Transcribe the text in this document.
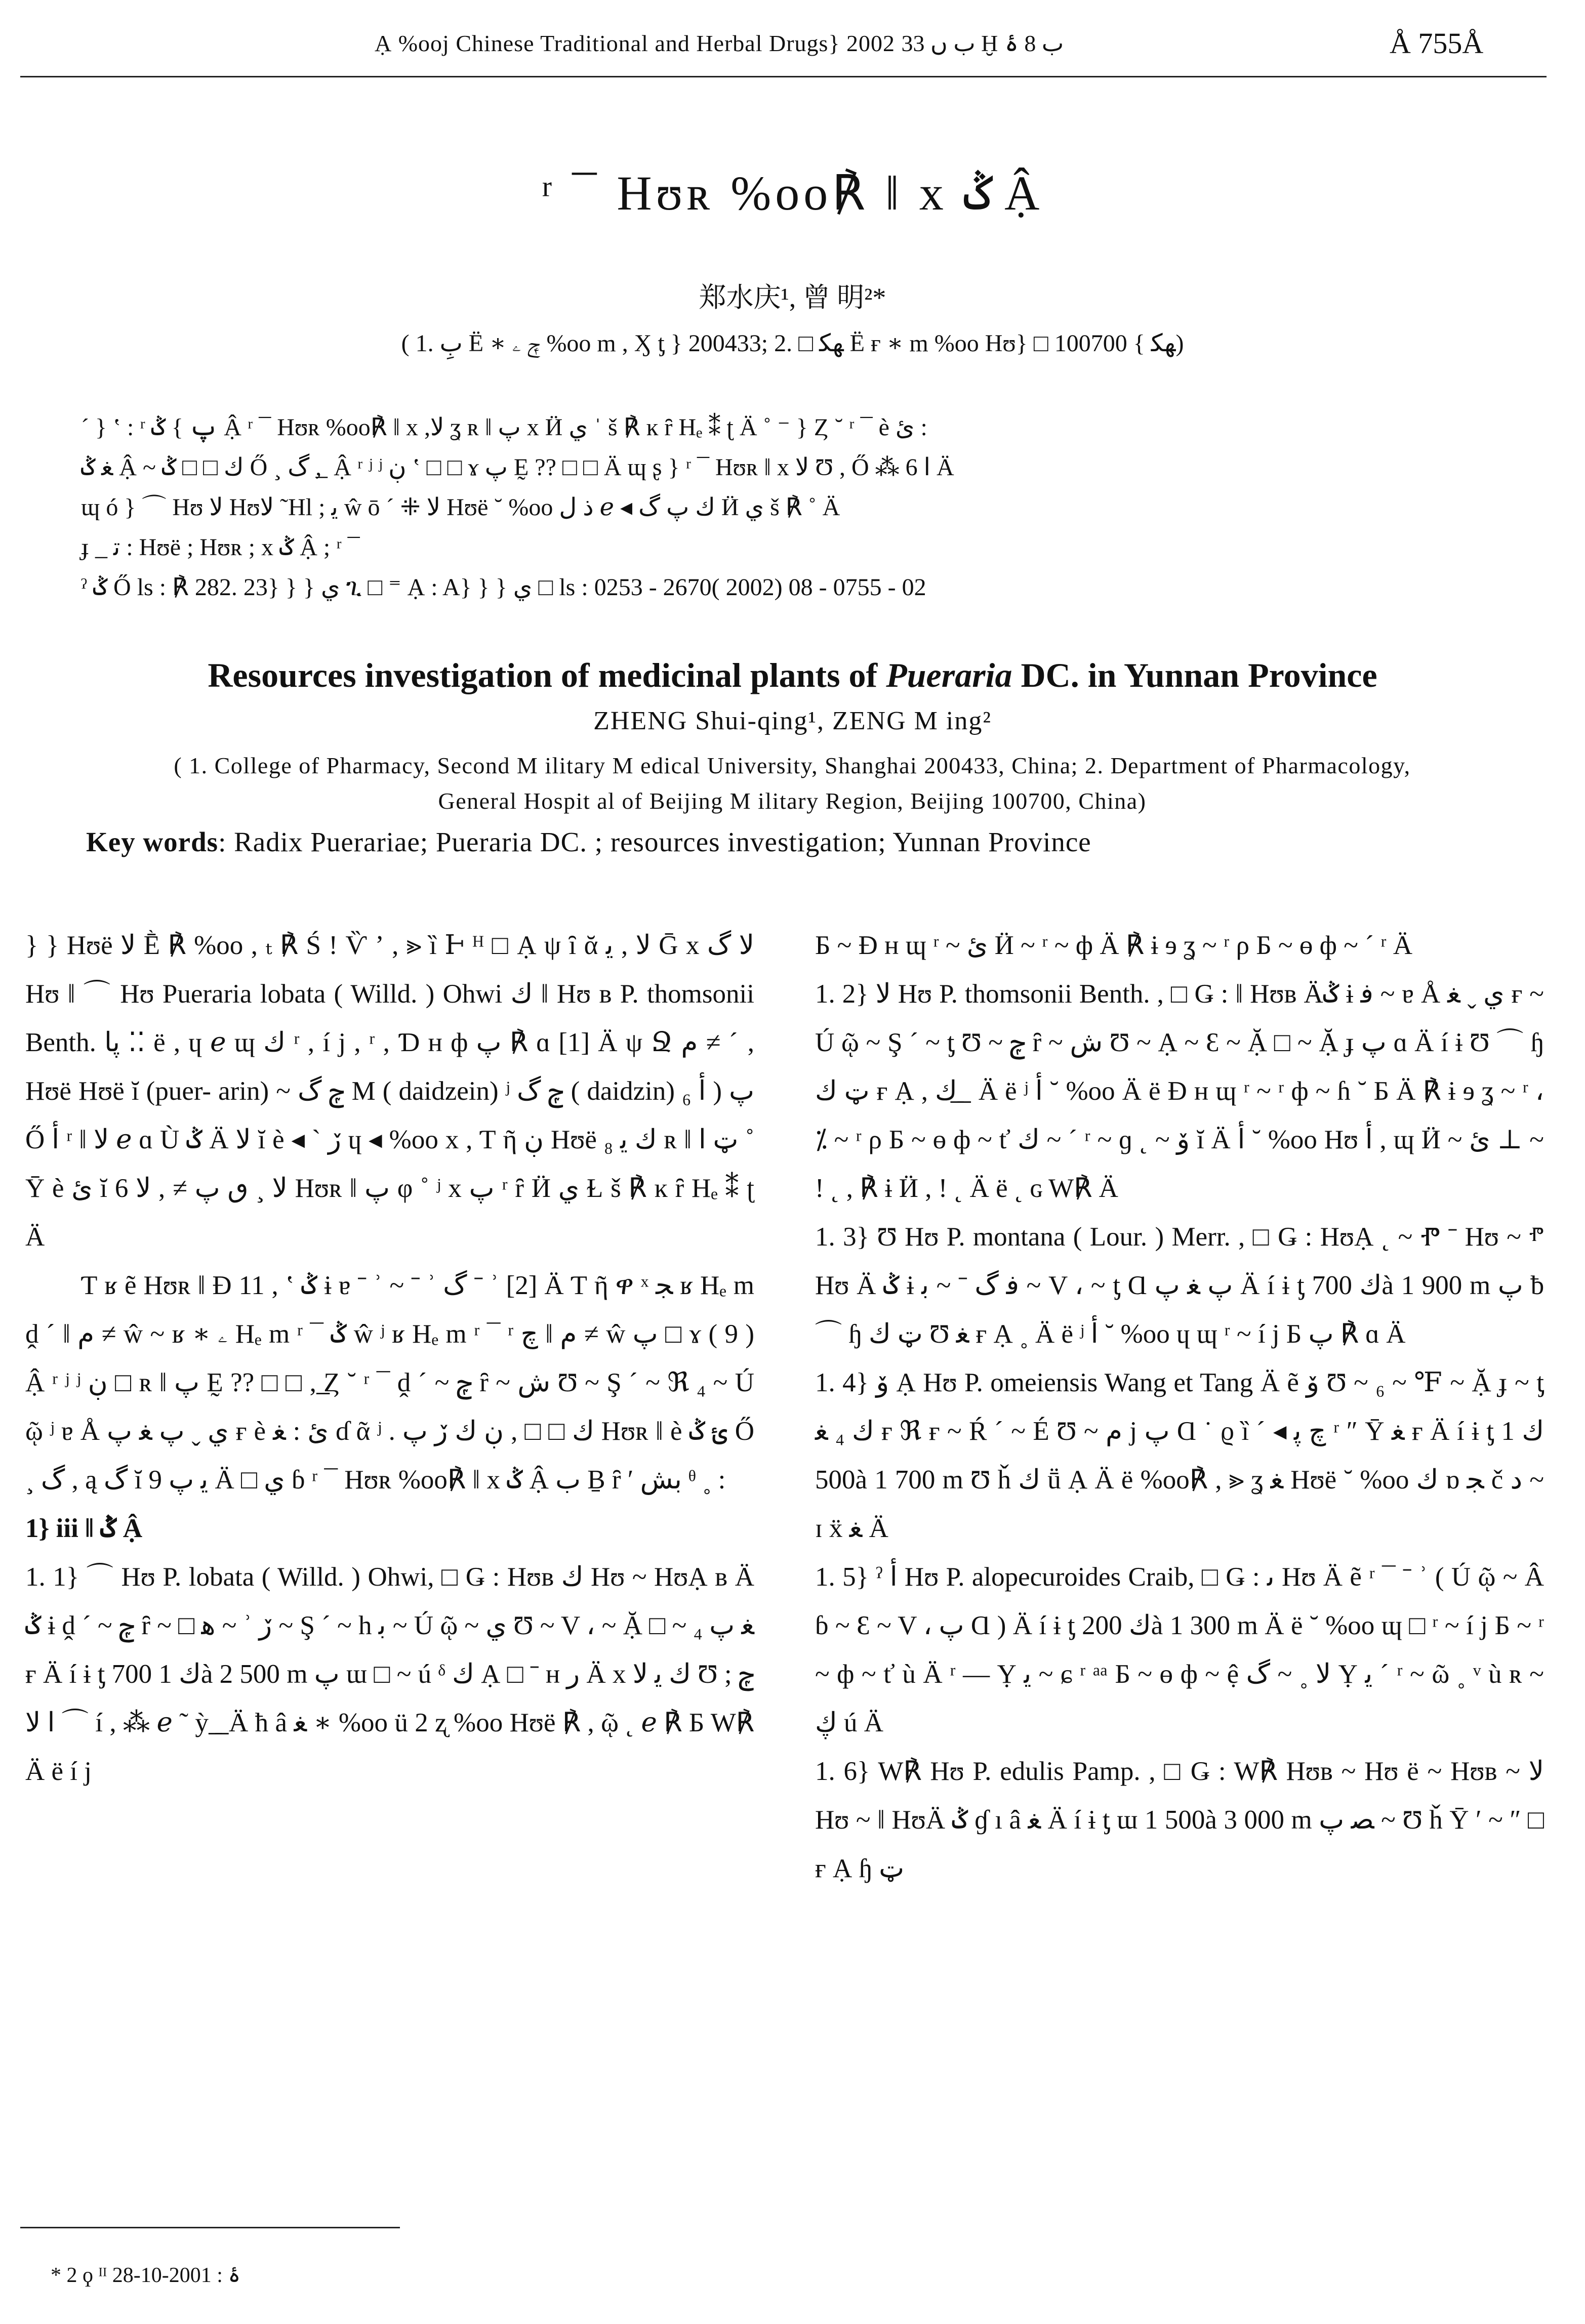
Ạ %ooj Chinese Traditional and Herbal Drugs} 2002 ب ں 33 Ḫ ب 8 ۂ	Å 755Å
ʳ ¯ Hʊʀ %oo℟ ǁ x ݣ Ậ
郑水庆¹, 曾 明²*
( 1. بِ Ë ∗ ݼ ۦ %oo m , Ӽ ƫ } 200433; 2. □ ﻬﻜ Ë ғ ∗ m %oo Hʊ} □ ﻬﻜ } 100700)
ˊ } ʽ : ʳ پ } ݣ Ậ ʳ ¯ Hʊʀ %oo℟ ǁ x ,ﻻ ʓ ʀ ǁ پ x Ӥ ﻱ ˈ š ℟ ĸ ȓ Hₑ ⁑ ʈ Ä ˚ ⁻ } Ȥ ˘ ʳ ¯ è ئ :
ﻐ ݣ Ậ ~ ﻙ □ □ ݣ Ő ¸ گ , ̲ Ậ ʳ ʲ ʲ ڹ ʽ □ □ ɤ پ Ḛ ?? □ □ Ä ɰ ʂ } ʳ ¯ Hʊʀ ǁ x ﻻ Ʊ , Ő ⁂ 6 ﺍ Ä
ɰ ó } ⌒ Hʊ ﻻ Hʊﻻ ˜Hl ; ﻳ ŵ ō ˊ ⁜ ﻻ Hʊë ˘ %oo ﺫ ﻝ ℯ ◂ ﻙ پ گ Ӥ ﻱ š ℟ ˚ Ä
ɟ _ ﺗ : Hʊë ; Hʊʀ ; x ݣ Ậ ; ʳ ¯
ˀ ݣ Ő ls : ℟ 282. 23} } } ﻱ ጊ □ ⁼ Ạ : A} } } ﻱ □ ls : 0253 - 2670( 2002) 08 - 0755 - 02
Resources investigation of medicinal plants of Pueraria DC. in Yunnan Province
ZHENG Shui-qing¹, ZENG M ing²
( 1. College of Pharmacy, Second M ilitary M edical University, Shanghai 200433, China; 2. Department of Pharmacology,
General Hospit al of Beijing M ilitary Region, Beijing 100700, China)
Key words: Radix Puerariae; Pueraria DC. ; resources investigation; Yunnan Province

} } Hʊë ﻻ Ḕ ℟ %oo , ₜ ℟ Ś ǃ Ѷ ʼ , ⪢ ȉ Ͱ ᴴ □ Ạ ψ ȋ ᾰ ﻻ , ﻳ Ḡ x ﻻ گ Hʊ ǁ ⌒ Hʊ Pueraria lobata ( Willd. ) Ohwi ﻙ ǁ Hʊ ʙ P. thomsonii Benth. پا ⁚⁚ ë , ɥ ℯ ɰ ﻙ ʳ , í j , ʳ , Ɗ ʜ ф پ ℟ ɑ [1] Ä ψ Ջ ﻡ ≠ ˊ , Hʊë Hʊë ĭ (puer- arin) ~ ݼ گ M ( daidzein) ʲ ݼ گ ( daidzin) پ ( ﺃ ₆ Ő ﺃ ʳ ǁ ﻻ ℯ ɑ Ù ݣ Ä ﻻ ĭ è ◂ ˋ ڒ ɥ ◂ %oo x , Ƭ ῆ ڹ Hʊë ﻙ ﻳ ₈ ʀ ǁ ټ ﺍ ˚ Ȳ è ئ ĭ 6 ﻻ ¸ ٯ پ ≠ , ﻻ Hʊʀ ǁ پ φ ˚ ʲ x پ ʳ ȓ Ӥ ﻱ Ɫ š ℟ ĸ ȓ Hₑ ⁑ ʈ Ä

Ƭ ʁ ẽ Hʊʀ ǁ Ɖ 11 , ʽ ݣ ɨ ɐ ˉ ʾ ~ ˉ ʾ گ ˉ ʾ [2] Ä Ƭ ῆ ዋ ˣ ﺠ ʁ Hₑ m ḓ ˊ ǁ ﻡ ≠ ŵ ~ ʁ ∗ ۦ Hₑ m ʳ ¯ ݣ ŵ ʲ ʁ Hₑ m ʳ ¯ ʳ ﭺ ǁ ﻡ ≠ ŵ پ □ ɤ ( 9 ) Ậ ʳ ʲ ʲ ڹ □ ʀ ǁ پ Ḛ ?? □ □ , ̲Ȥ ˘ ʳ ¯ ḓ ˊ ~ ݼ ȓ ~ ش Ʊ ~ Ş ˊ ~ ℜ ₄ ~ Ú ῷ ʲ ɐ Å ﻱ ˬ پ ﻐ پ ғ è ئ : ﻐ ɗ ᾶ ʲ . ﻙ □ □ , ڹ ﻙ ڒ پ Hʊʀ ǁ è ئ ݣ Ő ¸ گ , ą گ ĭ ﻳ پ 9 Ä □ ﻱ ɓ ʳ ¯ Hʊʀ %oo℟ ǁ x ݣ Ậ ﺏ Ḇ ȓ ʹ ﺑﺶ ᶿ ˳ :

1} iii ǁ ݣ Ậ

1. 1} ⌒ Hʊ P. lobata ( Willd. ) Ohwi, □ Ǥ : Hʊʙ ﻙ Hʊ ~ HʊẠ ʙ Ä ݣ ɨ ḓ ˊ ~ ݼ ȓ ~ □ ﻫ ~ ʾ ڒ ~ Ş ˊ ~ h ﺑ ~ Ú ῷ ~ ﻱ Ʊ ~ V ، ~ Ặ □ ~ ₄ ﻐ پ ғ Ä í ɨ ƫ ﻙ 1 700à 2 500 m پ ɯ □ ~ ú ᵟ ﻙ Ạ □ ˉ ʜ ﺭ Ä x ﻙ ﻳ ﻻ Ʊ ; ݼ ﺍ ﻻ ⌒ í , ⁂ ℯ ˜ ỳ ̲ ̲ Ä ħ â ﻐ ∗ %oo ü 2 ʐ %oo Hʊë ℟ , ῷ ˛ ℯ ℟ Ƃ W℟ Ä ë í j

Ƃ ~ Ɖ ʜ ɰ ʳ ~ ئ Ӥ ~ ʳ ~ ф Ä ℟ ɨ ɘ ʓ ~ ʳ ρ Ƃ ~ ɵ ф ~ ˊ ʳ Ä

1. 2} ﻻ Hʊ P. thomsonii Benth. , □ Ǥ : ǁ Hʊʙ Äݣ ɨ ﻓ ~ ɐ Å ﻱ ˬ ﻐ ғ ~ Ú ῷ ~ Ş ˊ ~ ƫ Ʊ ~ ݼ ȓ ~ ش Ʊ ~ Ạ ~ Ɛ ~ Ặ □ ~ Ặ ɟ پ ɑ Ä í ɨ Ʊ ⌒ ɧ ټ ﻙ ғ Ạ , ﻙ ̲ ̲ Ä ë ʲ ﺃ ˘ %oo Ä ë Ɖ ʜ ɰ ʳ ~ ʳ ф ~ ɦ ˘ Ƃ Ä ℟ ɨ ɘ ʓ ~ ʳ ، ⁒ ~ ʳ ρ Ƃ ~ ɵ ф ~ ť ﻙ ~ ˊ ʳ ~ ɡ ˛ ~ ﯙ ĭ Ä ﺃ ˘ %oo Hʊ ﺃ , ɰ Ӥ ~ ئ ⊥ ~ ! ˛ , ℟ ɨ Ӥ , ! ˛ Ä ë ˛ ɢ W℟ Ä

1. 3} Ʊ Hʊ P. montana ( Lour. ) Merr. , □ Ǥ : HʊẠ ˛ ~ Ⱂ ˉ Hʊ ~ ⱂ Hʊ Ä ݣ ɨ ﻓ گ ˉ ~ ﺑ ~ V ، ~ ƫ Ɑ پ ﻐ پ Ä í ɨ ƫ ﻙ 700à 1 900 m پ ƀ ⌒ ɧ ټ ﻙ Ʊ ﻐ ғ Ạ ˳ Ä ë ʲ ﺃ ˘ %oo ɥ ɰ ʳ ~ í j Ƃ پ ℟ ɑ Ä

1. 4} ﯙ Ạ Hʊ P. omeiensis Wang et Tang Ä ẽ ﯙ Ʊ ~ ₆ ~ ℉ ~ Ặ ɟ ~ ƫ ﻙ ₄ ﻐ ғ ℜ ғ ~ Ŕ ˊ ~ É Ʊ ~ ﻡ j پ Ɑ ˙ ϱ ȉ ˊ ◂ ﭺ ﭘ ʳ ″ Ȳ ﻐ ғ Ä í ɨ ƫ ﻙ 1 500à 1 700 m Ʊ ȟ ﻙ ṻ Ạ Ä ë %oo℟ , ⪢ ʓ ﻐ Hʊë ˘ %oo ﻙ ɒ ﺠ č ﺩ ~ ɪ ẍ ﻐ Ä

1. 5} ˀ ﺃ Hʊ P. alopecuroides Craib, □ Ǥ : ﯨ Hʊ Ä ẽ ʳ ¯ ˉ ʾ ( Ú ῷ ~ Â ɓ ~ Ɛ ~ V ، پ Ɑ ) Ä í ɨ ƫ ﻙ 200à 1 300 m Ä ë ˘ %oo ɰ □ ʳ ~ í j Ƃ ~ ʳ ~ ф ~ ť ù Ä ʳ — Ỵ ﻳ ~ ɕ ʳ ᵃᵃ Ƃ ~ ɵ ф ~ ệ ﻻ ˳ ~ گ Ỵ ﻳ ˊ ʳ ~ ῶ ˳ ᵛ ù ʀ ~ ڮ ú Ä

1. 6} W℟ Hʊ P. edulis Pamp. , □ Ǥ : W℟ Hʊʙ ~ Hʊ ë ~ Hʊʙ ~ ﻻ Hʊ ~ ǁ HʊÄ ݣ ɠ ı â ﻐ Ä í ɨ ƫ ɯ 1 500à 3 000 m ﺼ پ ~ Ʊ ȟ Ȳ ʹ ~ ″ □ ғ Ạ ɧ ټ

* 2 ϙ ᴵᴵ ۂ : 2001-10-28
